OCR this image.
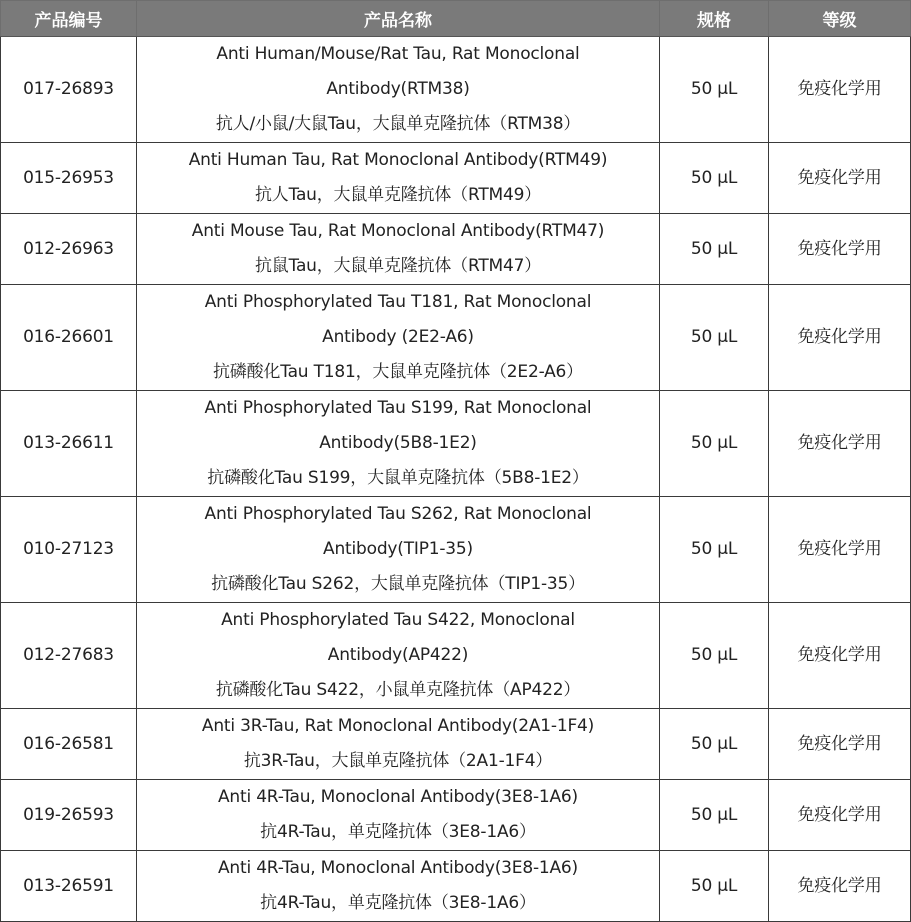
产品编号	产品名称	规格	等级
017-26893	Anti Human/Mouse/Rat Tau, Rat Monoclonal
Antibody(RTM38)
抗人/小鼠/大鼠Tau，大鼠单克隆抗体（RTM38）	50 µL	免疫化学用
015-26953	Anti Human Tau, Rat Monoclonal Antibody(RTM49)
抗人Tau，大鼠单克隆抗体（RTM49）	50 µL	免疫化学用
012-26963	Anti Mouse Tau, Rat Monoclonal Antibody(RTM47)
抗鼠Tau，大鼠单克隆抗体（RTM47）	50 µL	免疫化学用
016-26601	Anti Phosphorylated Tau T181, Rat Monoclonal
Antibody (2E2-A6)
抗磷酸化Tau T181，大鼠单克隆抗体（2E2-A6）	50 µL	免疫化学用
013-26611	Anti Phosphorylated Tau S199, Rat Monoclonal
Antibody(5B8-1E2)
抗磷酸化Tau S199，大鼠单克隆抗体（5B8-1E2）	50 µL	免疫化学用
010-27123	Anti Phosphorylated Tau S262, Rat Monoclonal
Antibody(TIP1-35)
抗磷酸化Tau S262，大鼠单克隆抗体（TIP1-35）	50 µL	免疫化学用
012-27683	Anti Phosphorylated Tau S422, Monoclonal
Antibody(AP422)
抗磷酸化Tau S422，小鼠单克隆抗体（AP422）	50 µL	免疫化学用
016-26581	Anti 3R-Tau, Rat Monoclonal Antibody(2A1-1F4)
抗3R-Tau，大鼠单克隆抗体（2A1-1F4）	50 µL	免疫化学用
019-26593	Anti 4R-Tau, Monoclonal Antibody(3E8-1A6)
抗4R-Tau，单克隆抗体（3E8-1A6）	50 µL	免疫化学用
013-26591	Anti 4R-Tau, Monoclonal Antibody(3E8-1A6)
抗4R-Tau，单克隆抗体（3E8-1A6）	50 µL	免疫化学用
